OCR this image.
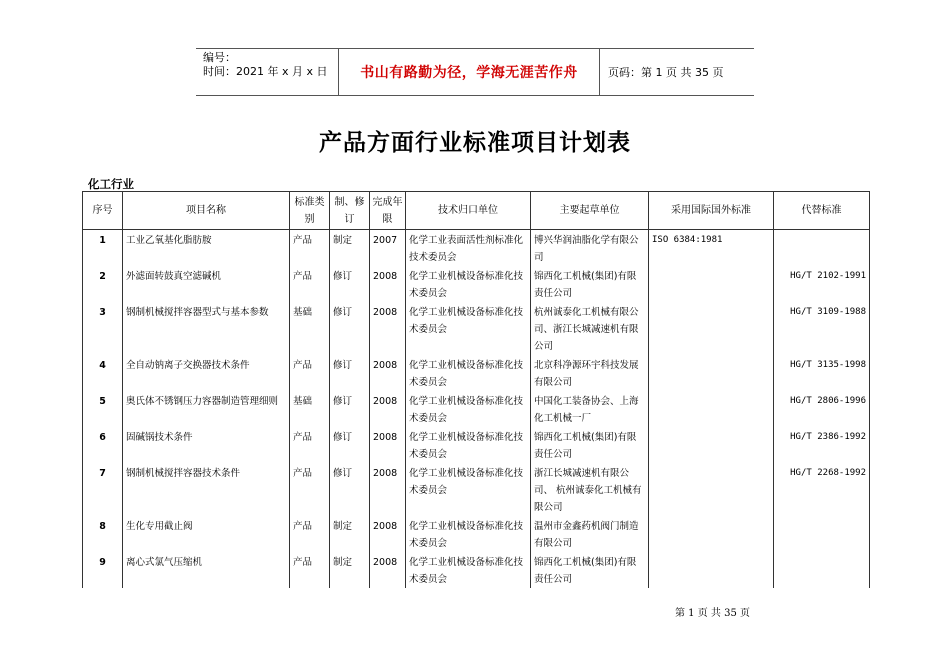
编号：
时间：2021 年 x 月 x 日	书山有路勤为径，学海无涯苦作舟	页码：第 1 页 共 35 页
产品方面行业标准项目计划表
化工行业
序号	项目名称	标准类别	制、修订	完成年限	技术归口单位	主要起草单位	采用国际国外标准	代替标准
1	工业乙氧基化脂肪胺	产品	制定	2007	化学工业表面活性剂标准化技术委员会	博兴华润油脂化学有限公司	ISO 6384:1981	
2	外滤面转鼓真空滤碱机	产品	修订	2008	化学工业机械设备标准化技术委员会	锦西化工机械(集团)有限责任公司		HG/T 2102-1991
3	钢制机械搅拌容器型式与基本参数	基础	修订	2008	化学工业机械设备标准化技术委员会	杭州诚泰化工机械有限公司、浙江长城减速机有限公司		HG/T 3109-1988
4	全自动钠离子交换器技术条件	产品	修订	2008	化学工业机械设备标准化技术委员会	北京科净源环宇科技发展有限公司		HG/T 3135-1998
5	奥氏体不锈钢压力容器制造管理细则	基础	修订	2008	化学工业机械设备标准化技术委员会	中国化工装备协会、上海化工机械一厂		HG/T 2806-1996
6	固碱锅技术条件	产品	修订	2008	化学工业机械设备标准化技术委员会	锦西化工机械(集团)有限责任公司		HG/T 2386-1992
7	钢制机械搅拌容器技术条件	产品	修订	2008	化学工业机械设备标准化技术委员会	浙江长城减速机有限公司、 杭州诚泰化工机械有限公司		HG/T 2268-1992
8	生化专用截止阀	产品	制定	2008	化学工业机械设备标准化技术委员会	温州市金鑫药机阀门制造有限公司		
9	离心式氯气压缩机	产品	制定	2008	化学工业机械设备标准化技术委员会	锦西化工机械(集团)有限责任公司		
第 1 页 共 35 页
